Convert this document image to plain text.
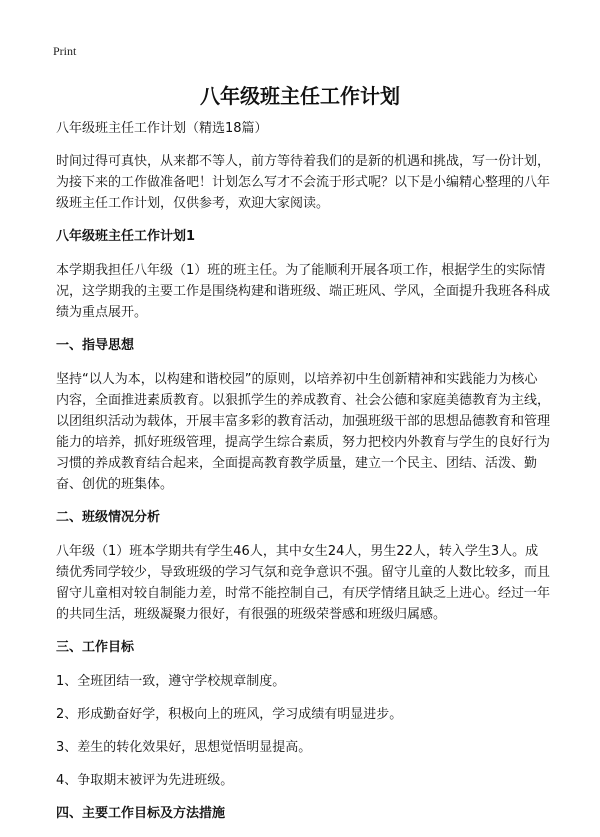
Print
八年级班主任工作计划

八年级班主任工作计划（精选18篇）

时间过得可真快，从来都不等人，前方等待着我们的是新的机遇和挑战，写一份计划，为接下来的工作做准备吧！计划怎么写才不会流于形式呢？以下是小编精心整理的八年级班主任工作计划，仅供参考，欢迎大家阅读。

八年级班主任工作计划1

本学期我担任八年级（1）班的班主任。为了能顺利开展各项工作，根据学生的实际情况，这学期我的主要工作是围绕构建和谐班级、端正班风、学风，全面提升我班各科成绩为重点展开。

一、指导思想

坚持“以人为本，以构建和谐校园”的原则，以培养初中生创新精神和实践能力为核心内容，全面推进素质教育。以狠抓学生的养成教育、社会公德和家庭美德教育为主线，以团组织活动为载体，开展丰富多彩的教育活动，加强班级干部的思想品德教育和管理能力的培养，抓好班级管理，提高学生综合素质，努力把校内外教育与学生的良好行为习惯的养成教育结合起来，全面提高教育教学质量，建立一个民主、团结、活泼、勤奋、创优的班集体。

二、班级情况分析

八年级（1）班本学期共有学生46人，其中女生24人，男生22人，转入学生3人。成绩优秀同学较少，导致班级的学习气氛和竞争意识不强。留守儿童的人数比较多，而且留守儿童相对较自制能力差，时常不能控制自己，有厌学情绪且缺乏上进心。经过一年的共同生活，班级凝聚力很好，有很强的班级荣誉感和班级归属感。

三、工作目标

1、全班团结一致，遵守学校规章制度。

2、形成勤奋好学，积极向上的班风，学习成绩有明显进步。

3、差生的转化效果好，思想觉悟明显提高。

4、争取期末被评为先进班级。

四、主要工作目标及方法措施
